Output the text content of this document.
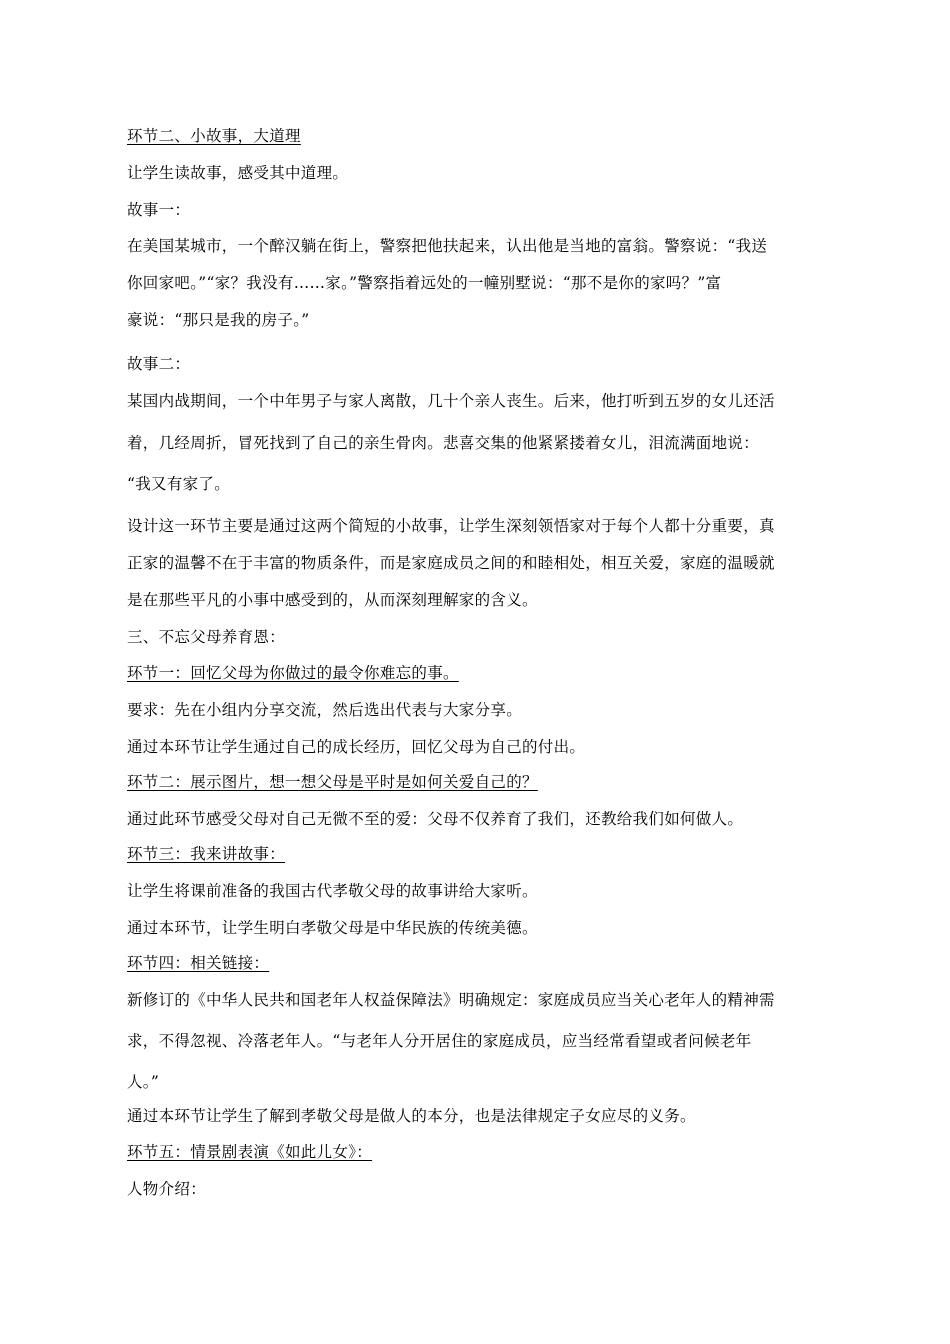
环节二、小故事，大道理
让学生读故事，感受其中道理。
故事一：
在美国某城市，一个醉汉躺在街上，警察把他扶起来，认出他是当地的富翁。警察说：“我送
你回家吧。”“家？我没有……家。”警察指着远处的一幢别墅说：“那不是你的家吗？”富
豪说：“那只是我的房子。”
故事二：
某国内战期间，一个中年男子与家人离散，几十个亲人丧生。后来，他打听到五岁的女儿还活
着，几经周折，冒死找到了自己的亲生骨肉。悲喜交集的他紧紧搂着女儿，泪流满面地说：
“我又有家了。
设计这一环节主要是通过这两个简短的小故事，让学生深刻领悟家对于每个人都十分重要，真
正家的温馨不在于丰富的物质条件，而是家庭成员之间的和睦相处，相互关爱，家庭的温暖就
是在那些平凡的小事中感受到的，从而深刻理解家的含义。
三、不忘父母养育恩：
环节一：回忆父母为你做过的最令你难忘的事。
要求：先在小组内分享交流，然后选出代表与大家分享。
通过本环节让学生通过自己的成长经历，回忆父母为自己的付出。
环节二：展示图片，想一想父母是平时是如何关爱自己的？
通过此环节感受父母对自己无微不至的爱：父母不仅养育了我们，还教给我们如何做人。
环节三：我来讲故事：
让学生将课前准备的我国古代孝敬父母的故事讲给大家听。
通过本环节，让学生明白孝敬父母是中华民族的传统美德。
环节四：相关链接：
新修订的《中华人民共和国老年人权益保障法》明确规定：家庭成员应当关心老年人的精神需
求，不得忽视、冷落老年人。“与老年人分开居住的家庭成员，应当经常看望或者问候老年
人。”
通过本环节让学生了解到孝敬父母是做人的本分，也是法律规定子女应尽的义务。
环节五：情景剧表演《如此儿女》：
人物介绍：
